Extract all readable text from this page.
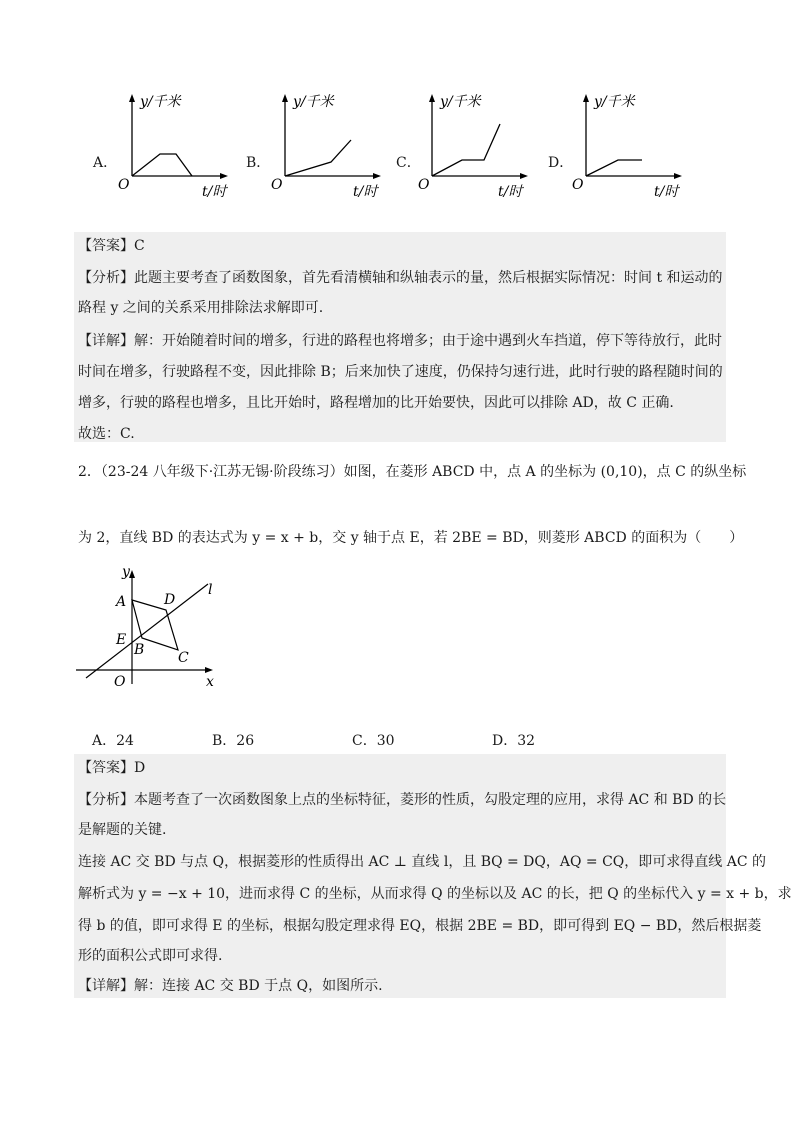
A．	B．	C．	D．
y/千米
O	t/时
y/千米
O	t/时
y/千米
O	t/时
y/千米
O	t/时
【答案】C
【分析】此题主要考查了函数图象，首先看清横轴和纵轴表示的量，然后根据实际情况：时间 t 和运动的
路程 y 之间的关系采用排除法求解即可.
【详解】解：开始随着时间的增多，行进的路程也将增多；由于途中遇到火车挡道，停下等待放行，此时
时间在增多，行驶路程不变，因此排除 B；后来加快了速度，仍保持匀速行进，此时行驶的路程随时间的
增多，行驶的路程也增多，且比开始时，路程增加的比开始要快，因此可以排除 AD，故 C 正确.
故选：C.
2．（23-24 八年级下·江苏无锡·阶段练习）如图，在菱形 ABCD 中，点 A 的坐标为 (0,10)，点 C 的纵坐标
为 2，直线 BD 的表达式为 y = x + b，交 y 轴于点 E，若 2BE = BD，则菱形 ABCD 的面积为（　　）
y
x
O
A	D
E
B C
l
A．24	B．26	C．30	D．32
【答案】D
【分析】本题考查了一次函数图象上点的坐标特征，菱形的性质，勾股定理的应用，求得 AC 和 BD 的长
是解题的关键.
连接 AC 交 BD 与点 Q，根据菱形的性质得出 AC ⊥ 直线 l，且 BQ = DQ，AQ = CQ，即可求得直线 AC 的
解析式为 y = −x + 10，进而求得 C 的坐标，从而求得 Q 的坐标以及 AC 的长，把 Q 的坐标代入 y = x + b，求
得 b 的值，即可求得 E 的坐标，根据勾股定理求得 EQ，根据 2BE = BD，即可得到 EQ − BD，然后根据菱
形的面积公式即可求得.
【详解】解：连接 AC 交 BD 于点 Q，如图所示.
